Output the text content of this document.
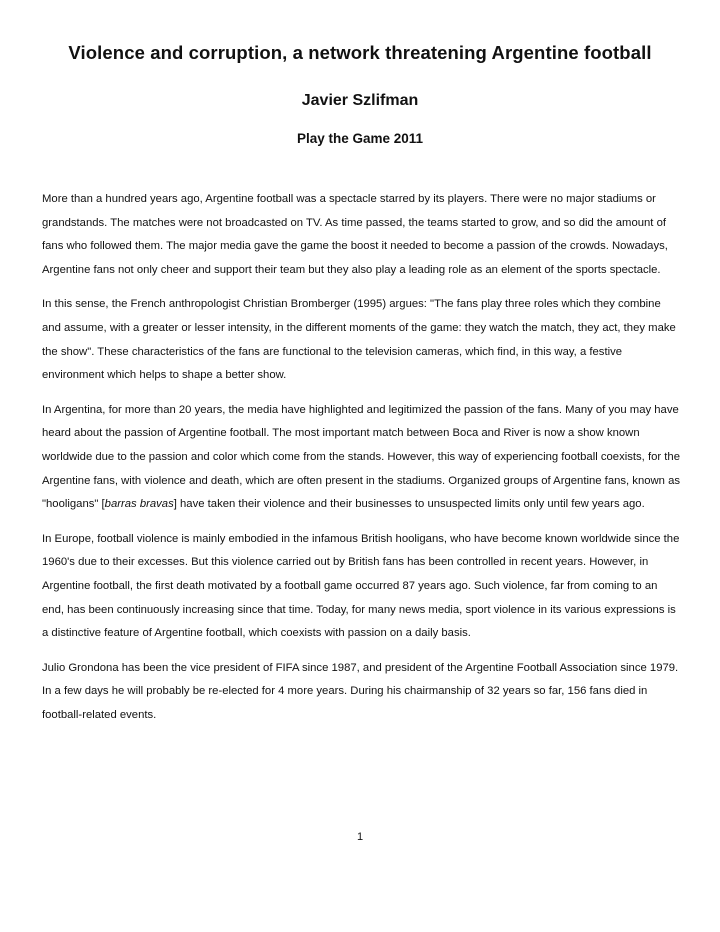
Violence and corruption, a network threatening Argentine football
Javier Szlifman
Play the Game 2011

More than a hundred years ago, Argentine football was a spectacle starred by its players. There were no major stadiums or grandstands. The matches were not broadcasted on TV. As time passed, the teams started to grow, and so did the amount of fans who followed them. The major media gave the game the boost it needed to become a passion of the crowds. Nowadays, Argentine fans not only cheer and support their team but they also play a leading role as an element of the sports spectacle.

In this sense, the French anthropologist Christian Bromberger (1995) argues: "The fans play three roles which they combine and assume, with a greater or lesser intensity, in the different moments of the game: they watch the match, they act, they make the show". These characteristics of the fans are functional to the television cameras, which find, in this way, a festive environment which helps to shape a better show.

In Argentina, for more than 20 years, the media have highlighted and legitimized the passion of the fans. Many of you may have heard about the passion of Argentine football. The most important match between Boca and River is now a show known worldwide due to the passion and color which come from the stands. However, this way of experiencing football coexists, for the Argentine fans, with violence and death, which are often present in the stadiums. Organized groups of Argentine fans, known as "hooligans" [barras bravas] have taken their violence and their businesses to unsuspected limits only until few years ago.

In Europe, football violence is mainly embodied in the infamous British hooligans, who have become known worldwide since the 1960's due to their excesses. But this violence carried out by British fans has been controlled in recent years. However, in Argentine football, the first death motivated by a football game occurred 87 years ago. Such violence, far from coming to an end, has been continuously increasing since that time. Today, for many news media, sport violence in its various expressions is a distinctive feature of Argentine football, which coexists with passion on a daily basis.

Julio Grondona has been the vice president of FIFA since 1987, and president of the Argentine Football Association since 1979. In a few days he will probably be re-elected for 4 more years. During his chairmanship of 32 years so far, 156 fans died in football-related events.

1
